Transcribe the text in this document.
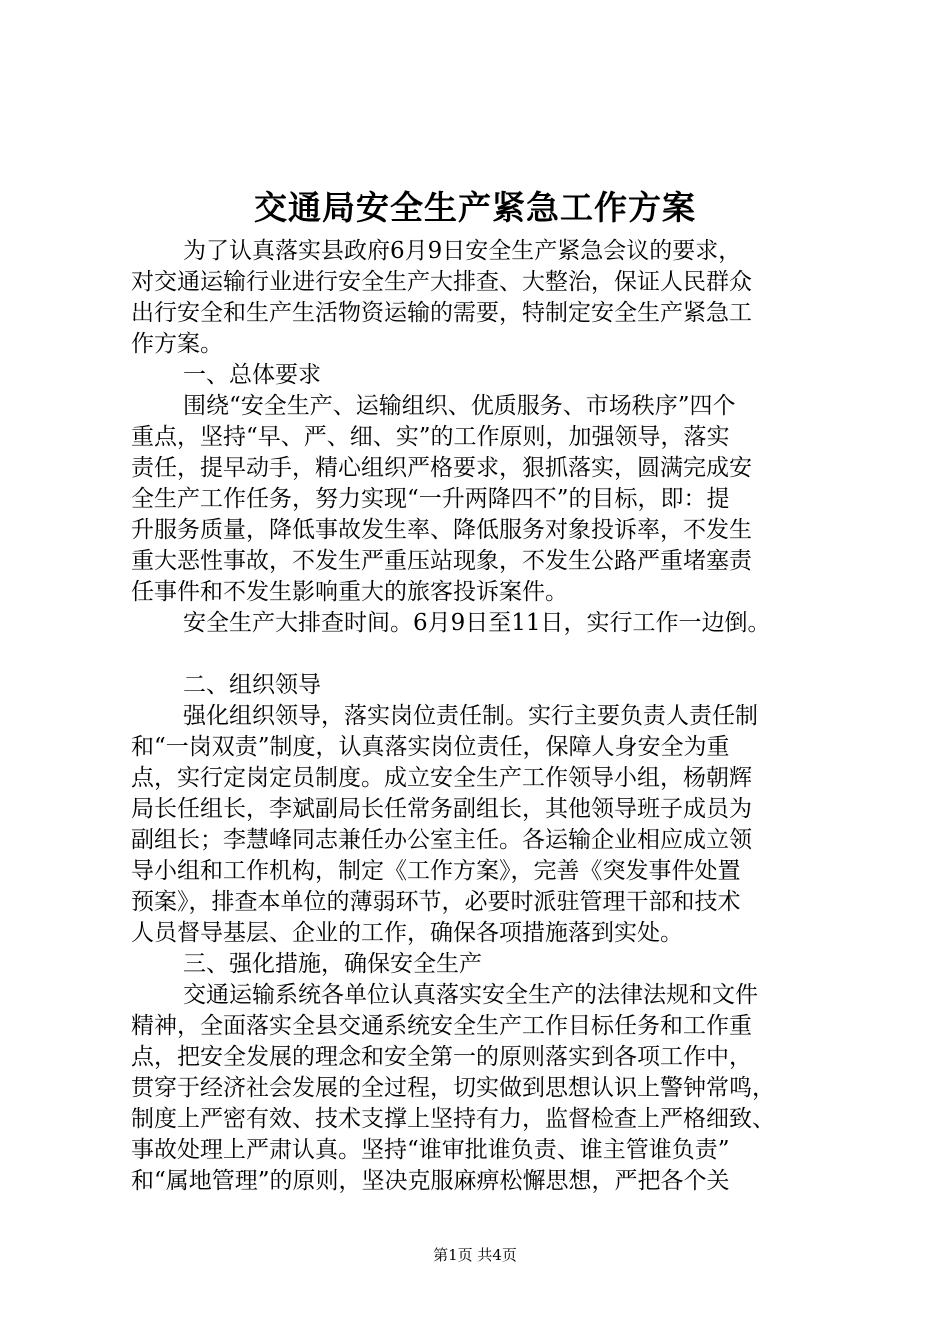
交通局安全生产紧急工作方案
为了认真落实县政府6月9日安全生产紧急会议的要求，
对交通运输行业进行安全生产大排查、大整治，保证人民群众
出行安全和生产生活物资运输的需要，特制定安全生产紧急工
作方案。
一、总体要求
围绕“安全生产、运输组织、优质服务、市场秩序”四个
重点，坚持“早、严、细、实”的工作原则，加强领导，落实
责任，提早动手，精心组织严格要求，狠抓落实，圆满完成安
全生产工作任务，努力实现“一升两降四不”的目标，即：提
升服务质量，降低事故发生率、降低服务对象投诉率，不发生
重大恶性事故，不发生严重压站现象，不发生公路严重堵塞责
任事件和不发生影响重大的旅客投诉案件。
安全生产大排查时间。6月9日至11日，实行工作一边倒。
二、组织领导
强化组织领导，落实岗位责任制。实行主要负责人责任制
和“一岗双责”制度，认真落实岗位责任，保障人身安全为重
点，实行定岗定员制度。成立安全生产工作领导小组，杨朝辉
局长任组长，李斌副局长任常务副组长，其他领导班子成员为
副组长；李慧峰同志兼任办公室主任。各运输企业相应成立领
导小组和工作机构，制定《工作方案》，完善《突发事件处置
预案》，排查本单位的薄弱环节，必要时派驻管理干部和技术
人员督导基层、企业的工作，确保各项措施落到实处。
三、强化措施，确保安全生产
交通运输系统各单位认真落实安全生产的法律法规和文件
精神，全面落实全县交通系统安全生产工作目标任务和工作重
点，把安全发展的理念和安全第一的原则落实到各项工作中，
贯穿于经济社会发展的全过程，切实做到思想认识上警钟常鸣，
制度上严密有效、技术支撑上坚持有力，监督检查上严格细致、
事故处理上严肃认真。坚持“谁审批谁负责、谁主管谁负责”
和“属地管理”的原则，坚决克服麻痹松懈思想，严把各个关
第1页 共4页
